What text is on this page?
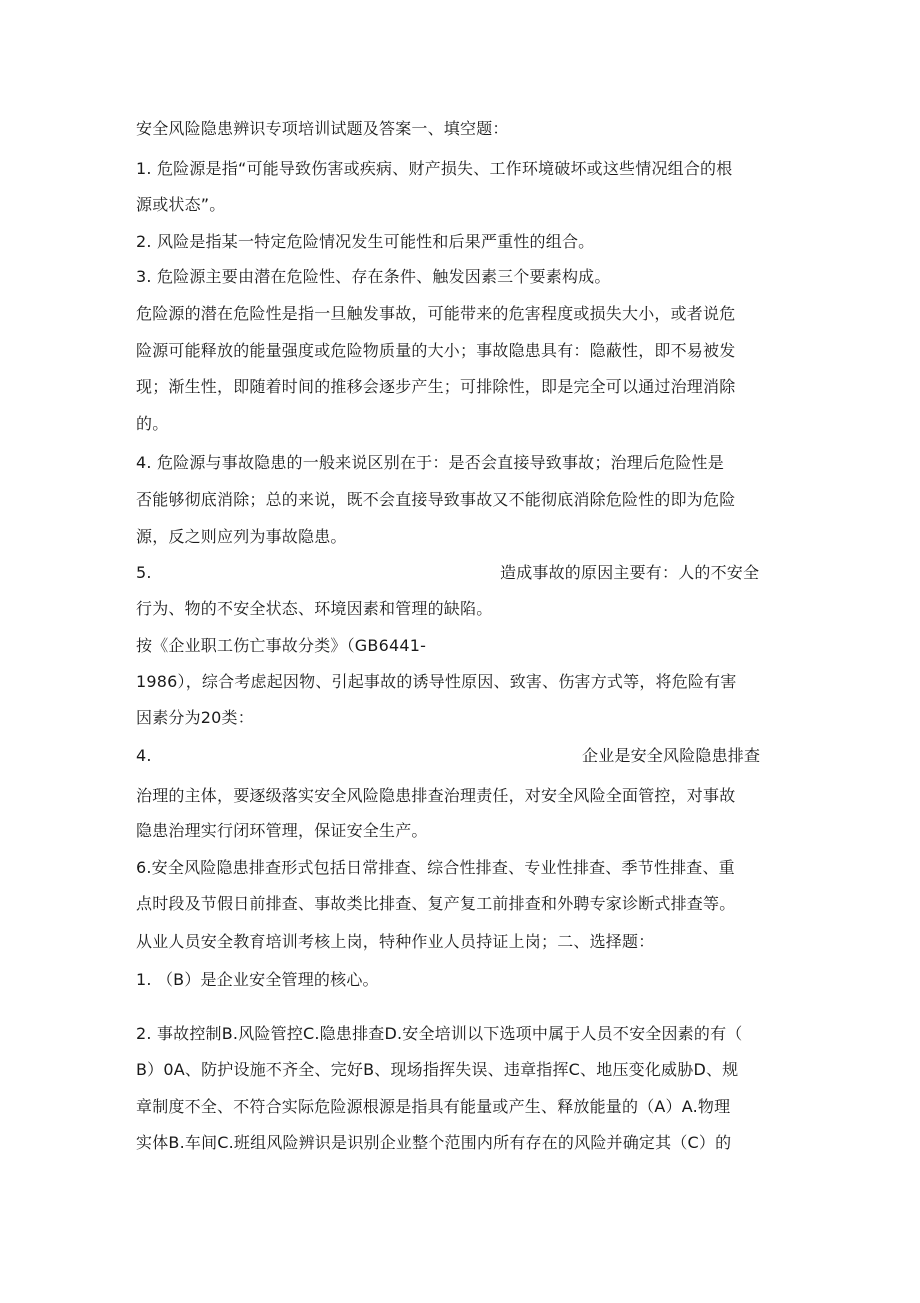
安全风险隐患辨识专项培训试题及答案一、填空题：
1. 危险源是指“可能导致伤害或疾病、财产损失、工作环境破坏或这些情况组合的根
源或状态”。
2. 风险是指某一特定危险情况发生可能性和后果严重性的组合。
3. 危险源主要由潜在危险性、存在条件、触发因素三个要素构成。
危险源的潜在危险性是指一旦触发事故，可能带来的危害程度或损失大小，或者说危
险源可能释放的能量强度或危险物质量的大小；事故隐患具有：隐蔽性，即不易被发
现；渐生性，即随着时间的推移会逐步产生；可排除性，即是完全可以通过治理消除
的。
4. 危险源与事故隐患的一般来说区别在于：是否会直接导致事故；治理后危险性是
否能够彻底消除；总的来说，既不会直接导致事故又不能彻底消除危险性的即为危险
源，反之则应列为事故隐患。
5.	造成事故的原因主要有：人的不安全
行为、物的不安全状态、环境因素和管理的缺陷。
按《企业职工伤亡事故分类》（GB6441-
1986），综合考虑起因物、引起事故的诱导性原因、致害、伤害方式等，将危险有害
因素分为20类：
4.	企业是安全风险隐患排查
治理的主体，要逐级落实安全风险隐患排查治理责任，对安全风险全面管控，对事故
隐患治理实行闭环管理，保证安全生产。
6.安全风险隐患排查形式包括日常排查、综合性排查、专业性排查、季节性排查、重
点时段及节假日前排查、事故类比排查、复产复工前排查和外聘专家诊断式排查等。
从业人员安全教育培训考核上岗，特种作业人员持证上岗；二、选择题：
1. （B）是企业安全管理的核心。
2. 事故控制B.风险管控C.隐患排查D.安全培训以下选项中属于人员不安全因素的有（
B）0A、防护设施不齐全、完好B、现场指挥失误、违章指挥C、地压变化威胁D、规
章制度不全、不符合实际危险源根源是指具有能量或产生、释放能量的（A）A.物理
实体B.车间C.班组风险辨识是识别企业整个范围内所有存在的风险并确定其（C）的
